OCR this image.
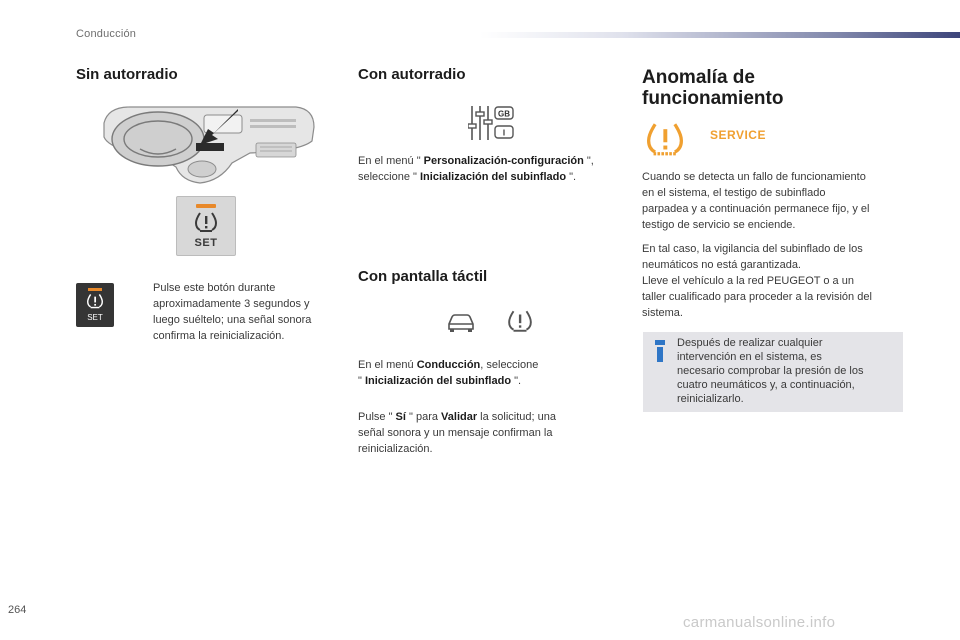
Conducción
Sin autorradio
SET
SET
Pulse este botón durante
aproximadamente 3 segundos y
luego suéltelo; una señal sonora
confirma la reinicialización.
Con autorradio
GB
I
En el menú " Personalización-configuración ",
seleccione " Inicialización del subinflado ".
Con pantalla táctil
En el menú Conducción, seleccione
" Inicialización del subinflado ".
Pulse " Sí " para Validar la solicitud; una
señal sonora y un mensaje confirman la
reinicialización.
Anomalía de
funcionamiento
SERVICE
Cuando se detecta un fallo de funcionamiento
en el sistema, el testigo de subinflado
parpadea y a continuación permanece fijo, y el
testigo de servicio se enciende.
En tal caso, la vigilancia del subinflado de los
neumáticos no está garantizada.
Lleve el vehículo a la red PEUGEOT o a un
taller cualificado para proceder a la revisión del
sistema.
Después de realizar cualquier
intervención en el sistema, es
necesario comprobar la presión de los
cuatro neumáticos y, a continuación,
reinicializarlo.
264
carmanualsonline.info
